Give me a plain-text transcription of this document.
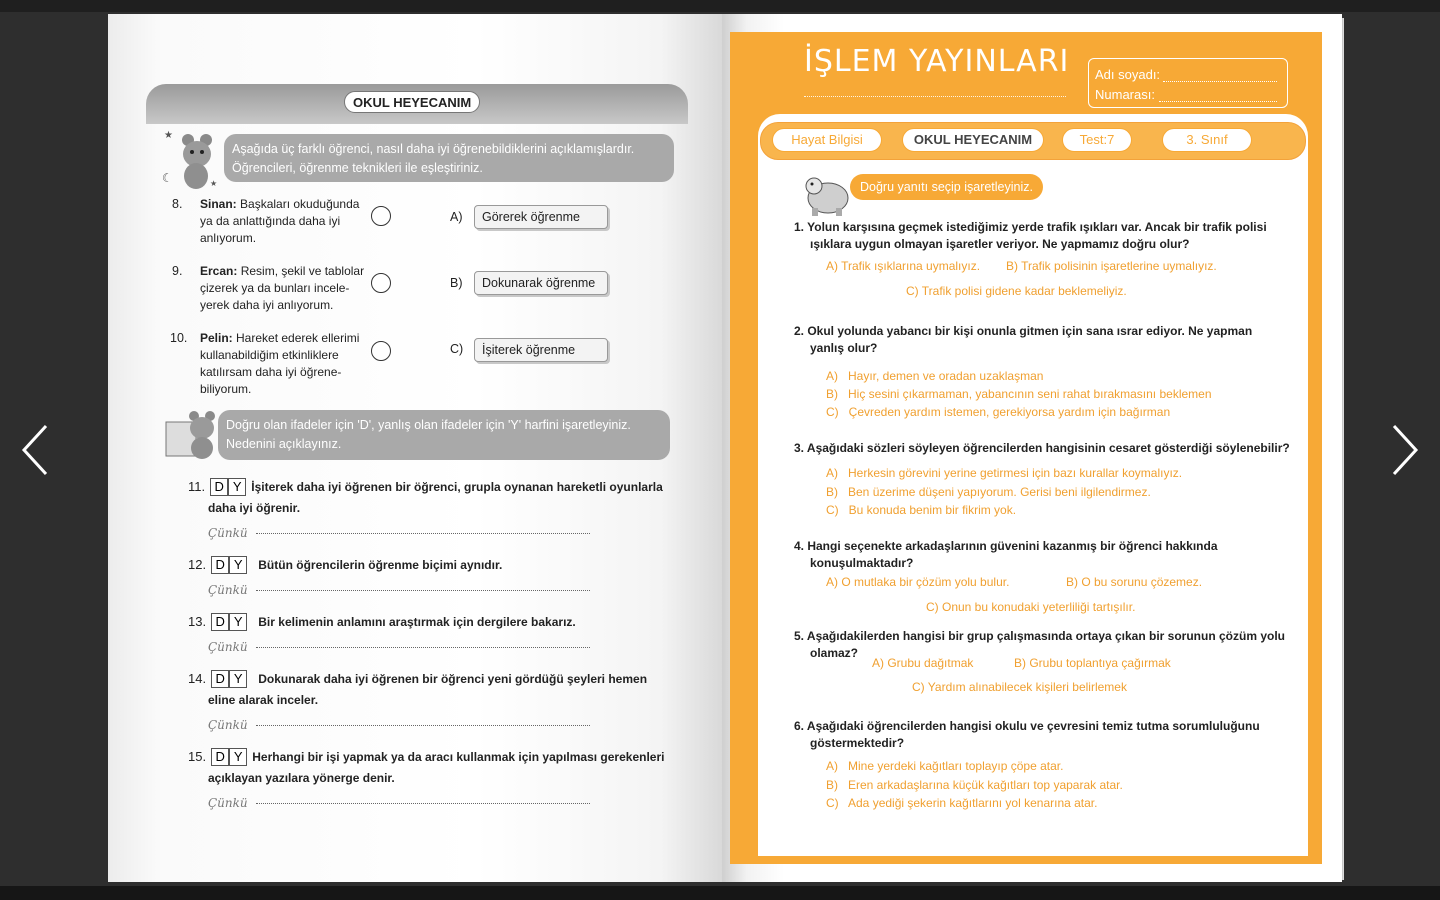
OKUL HEYECANIM
★
☾	★
Aşağıda üç farklı öğrenci, nasıl daha iyi öğrenebildiklerini açıklamışlardır.
Öğrencileri, öğrenme teknikleri ile eşleştiriniz.
8. Sinan: Başkaları okuduğunda ya da anlattığında daha iyi anlıyorum.
A)	Görerek öğrenme
9. Ercan: Resim, şekil ve tablolar çizerek ya da bunları incele- yerek daha iyi anlıyorum.
B)	Dokunarak öğrenme
10. Pelin: Hareket ederek ellerimi kullanabildiğim etkinliklere katılırsam daha iyi öğrene- biliyorum.
C)	İşiterek öğrenme
Doğru olan ifadeler için 'D', yanlış olan ifadeler için 'Y' harfini işaretleyiniz.
Nedenini açıklayınız.
11. D Y İşiterek daha iyi öğrenen bir öğrenci, grupla oynanan hareketli oyunlarla
daha iyi öğrenir.
Çünkü
12. D Y Bütün öğrencilerin öğrenme biçimi aynıdır.
Çünkü
13. D Y Bir kelimenin anlamını araştırmak için dergilere bakarız.
Çünkü
14. D Y Dokunarak daha iyi öğrenen bir öğrenci yeni gördüğü şeyleri hemen
eline alarak inceler.
Çünkü
15. D Y Herhangi bir işi yapmak ya da aracı kullanmak için yapılması gerekenleri
açıklayan yazılara yönerge denir.
Çünkü
İŞLEM YAYINLARI Adı soyadı:
Numarası:
Hayat Bilgisi	OKUL HEYECANIM	Test:7	3. Sınıf
Doğru yanıtı seçip işaretleyiniz.
1. Yolun karşısına geçmek istediğimiz yerde trafik ışıkları var. Ancak bir trafik polisi
ışıklara uygun olmayan işaretler veriyor. Ne yapmamız doğru olur?
A) Trafik ışıklarına uymalıyız. B) Trafik polisinin işaretlerine uymalıyız.
C) Trafik polisi gidene kadar beklemeliyiz.
2. Okul yolunda yabancı bir kişi onunla gitmen için sana ısrar ediyor. Ne yapman
yanlış olur?
A)   Hayır, demen ve oradan uzaklaşman
B)   Hiç sesini çıkarmaman, yabancının seni rahat bırakmasını beklemen
C)   Çevreden yardım istemen, gerekiyorsa yardım için bağırman
3. Aşağıdaki sözleri söyleyen öğrencilerden hangisinin cesaret gösterdiği söylenebilir?
A)   Herkesin görevini yerine getirmesi için bazı kurallar koymalıyız.
B)   Ben üzerime düşeni yapıyorum. Gerisi beni ilgilendirmez.
C)   Bu konuda benim bir fikrim yok.
4. Hangi seçenekte arkadaşlarının güvenini kazanmış bir öğrenci hakkında
konuşulmaktadır?
A) O mutlaka bir çözüm yolu bulur.	B) O bu sorunu çözemez.
C) Onun bu konudaki yeterliliği tartışılır.
5. Aşağıdakilerden hangisi bir grup çalışmasında ortaya çıkan bir sorunun çözüm yolu
olamaz?
A) Grubu dağıtmak	B) Grubu toplantıya çağırmak
C) Yardım alınabilecek kişileri belirlemek
6. Aşağıdaki öğrencilerden hangisi okulu ve çevresini temiz tutma sorumluluğunu
göstermektedir?
A)   Mine yerdeki kağıtları toplayıp çöpe atar.
B)   Eren arkadaşlarına küçük kağıtları top yaparak atar.
C)   Ada yediği şekerin kağıtlarını yol kenarına atar.
